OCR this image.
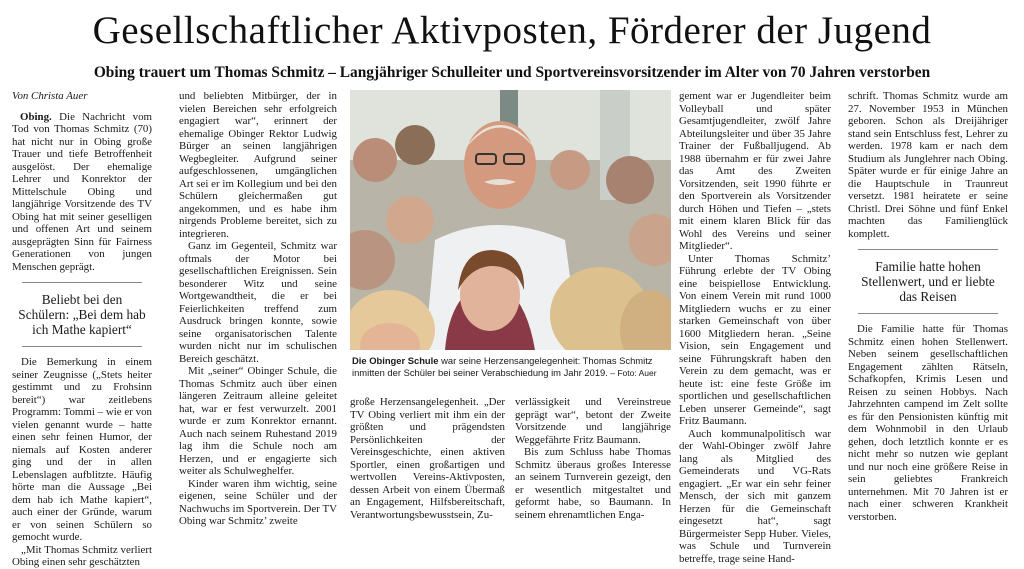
Gesellschaftlicher Aktivposten, Förderer der Jugend
Obing trauert um Thomas Schmitz – Langjähriger Schulleiter und Sportvereinsvorsitzender im Alter von 70 Jahren verstorben
Von Christa Auer

Obing. Die Nachricht vom Tod von Thomas Schmitz (70) hat nicht nur in Obing große Trauer und tiefe Betroffenheit ausgelöst. Der ehemalige Lehrer und Konrektor der Mittelschule Obing und langjährige Vorsitzende des TV Obing hat mit seiner geselligen und offenen Art und seinem ausgeprägten Sinn für Fairness Generationen von jungen Menschen geprägt.

Beliebt bei den Schülern: „Bei dem hab ich Mathe kapiert“

Die Bemerkung in einem seiner Zeugnisse („Stets heiter gestimmt und zu Frohsinn bereit“) war zeitlebens Programm: Tommi – wie er von vielen genannt wurde – hatte einen sehr feinen Humor, der niemals auf Kosten anderer ging und der in allen Lebenslagen aufblitzte. Häufig hörte man die Aussage „Bei dem hab ich Mathe kapiert“, auch einer der Gründe, warum er von seinen Schülern so gemocht wurde.

„Mit Thomas Schmitz verliert Obing einen sehr geschätzten

und beliebten Mitbürger, der in vielen Bereichen sehr erfolgreich engagiert war“, erinnert der ehemalige Obinger Rektor Ludwig Bürger an seinen langjährigen Wegbegleiter. Aufgrund seiner aufgeschlossenen, umgänglichen Art sei er im Kollegium und bei den Schülern gleichermaßen gut angekommen, und es habe ihm nirgends Probleme bereitet, sich zu integrieren.

Ganz im Gegenteil, Schmitz war oftmals der Motor bei gesellschaftlichen Ereignissen. Sein besonderer Witz und seine Wortgewandtheit, die er bei Feierlichkeiten treffend zum Ausdruck bringen konnte, sowie seine organisatorischen Talente wurden nicht nur im schulischen Bereich geschätzt.

Mit „seiner“ Obinger Schule, die Thomas Schmitz auch über einen längeren Zeitraum alleine geleitet hat, war er fest verwurzelt. 2001 wurde er zum Konrektor ernannt. Auch nach seinem Ruhestand 2019 lag ihm die Schule noch am Herzen, und er engagierte sich weiter als Schulweghelfer.

Kinder waren ihm wichtig, seine eigenen, seine Schüler und der Nachwuchs im Sportverein. Der TV Obing war Schmitz’ zweite

Die Obinger Schule war seine Herzensangelegenheit: Thomas Schmitz inmitten der Schüler bei seiner Verabschiedung im Jahr 2019. – Foto: Auer

große Herzensangelegenheit. „Der TV Obing verliert mit ihm ein der größten und prägendsten Persönlichkeiten der Vereinsgeschichte, einen aktiven Sportler, einen großartigen und wertvollen Vereins-Aktivposten, dessen Arbeit von einem Übermaß an Engagement, Hilfsbereitschaft, Verantwortungsbewusstsein, Zu-

verlässigkeit und Vereinstreue geprägt war“, betont der Zweite Vorsitzende und langjährige Weggefährte Fritz Baumann.

Bis zum Schluss habe Thomas Schmitz überaus großes Interesse an seinem Turnverein gezeigt, den er wesentlich mitgestaltet und geformt habe, so Baumann. In seinem ehrenamtlichen Enga-

gement war er Jugendleiter beim Volleyball und später Gesamtjugendleiter, zwölf Jahre Abteilungsleiter und über 35 Jahre Trainer der Fußballjugend. Ab 1988 übernahm er für zwei Jahre das Amt des Zweiten Vorsitzenden, seit 1990 führte er den Sportverein als Vorsitzender durch Höhen und Tiefen – „stets mit einem klaren Blick für das Wohl des Vereins und seiner Mitglieder“.

Unter Thomas Schmitz’ Führung erlebte der TV Obing eine beispiellose Entwicklung. Von einem Verein mit rund 1000 Mitgliedern wuchs er zu einer starken Gemeinschaft von über 1600 Mitgliedern heran. „Seine Vision, sein Engagement und seine Führungskraft haben den Verein zu dem gemacht, was er heute ist: eine feste Größe im sportlichen und gesellschaftlichen Leben unserer Gemeinde“, sagt Fritz Baumann.

Auch kommunalpolitisch war der Wahl-Obinger zwölf Jahre lang als Mitglied des Gemeinderats und VG-Rats engagiert. „Er war ein sehr feiner Mensch, der sich mit ganzem Herzen für die Gemeinschaft eingesetzt hat“, sagt Bürgermeister Sepp Huber. Vieles, was Schule und Turnverein betreffe, trage seine Hand-

schrift. Thomas Schmitz wurde am 27. November 1953 in München geboren. Schon als Dreijähriger stand sein Entschluss fest, Lehrer zu werden. 1978 kam er nach dem Studium als Junglehrer nach Obing. Später wurde er für einige Jahre an die Hauptschule in Traunreut versetzt. 1981 heiratete er seine Christl. Drei Söhne und fünf Enkel machten das Familienglück komplett.

Familie hatte hohen Stellenwert, und er liebte das Reisen

Die Familie hatte für Thomas Schmitz einen hohen Stellenwert. Neben seinem gesellschaftlichen Engagement zählten Rätseln, Schafkopfen, Krimis Lesen und Reisen zu seinen Hobbys. Nach Jahrzehnten campend im Zelt sollte es für den Pensionisten künftig mit dem Wohnmobil in den Urlaub gehen, doch letztlich konnte er es nicht mehr so nutzen wie geplant und nur noch eine größere Reise in sein geliebtes Frankreich unternehmen. Mit 70 Jahren ist er nach einer schweren Krankheit verstorben.
